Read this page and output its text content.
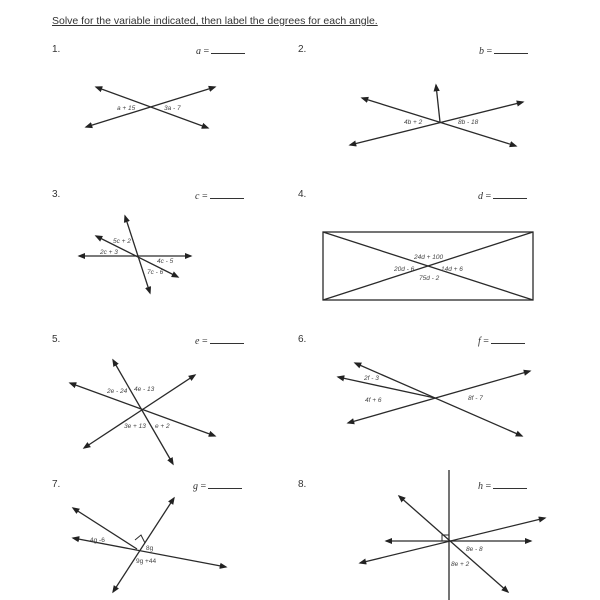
Solve for the variable indicated, then label the degrees for each angle.
1.	a =	2.	b =
3.	c =	4.	d =
5.	e =	6.	f =
7.	g =	8.	h =
a + 15	3a - 7
4b + 2	8b - 18
5c + 2
2c + 3
4c - 5
7c - 6
24d + 100
20d - 6	14d + 6
75d - 2
2e - 24 4e - 13
3e + 13 e + 2
2f - 3
4f + 6	8f - 7
4g -6
8g
9g +44
8e - 8
8e + 2
